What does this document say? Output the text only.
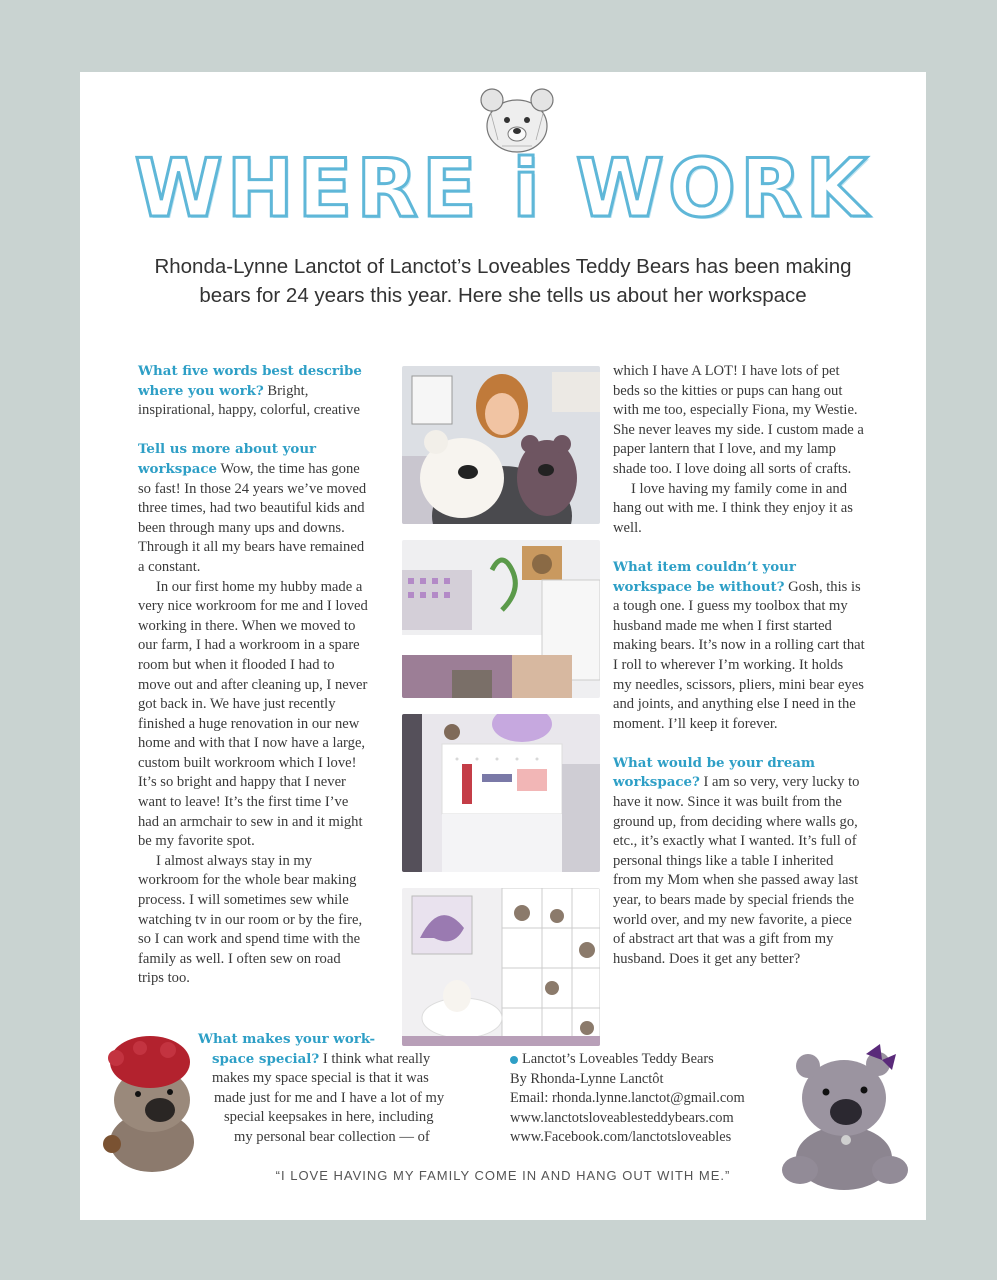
WHERE i WORK
Rhonda-Lynne Lanctot of Lanctot’s Loveables Teddy Bears has been making
bears for 24 years this year. Here she tells us about her workspace

What five words best describe where you work? Bright, inspirational, happy, colorful, creative

Tell us more about your workspace Wow, the time has gone so fast! In those 24 years we’ve moved three times, had two beautiful kids and been through many ups and downs. Through it all my bears have remained a constant.

In our first home my hubby made a very nice workroom for me and I loved working in there. When we moved to our farm, I had a workroom in a spare room but when it flooded I had to move out and after cleaning up, I never got back in. We have just recently finished a huge renovation in our new home and with that I now have a large, custom built workroom which I love! It’s so bright and happy that I never want to leave! It’s the first time I’ve had an armchair to sew in and it might be my favorite spot.

I almost always stay in my workroom for the whole bear making process. I will sometimes sew while watching tv in our room or by the fire, so I can work and spend time with the family as well. I often sew on road trips too.

which I have A LOT! I have lots of pet beds so the kitties or pups can hang out with me too, especially Fiona, my Westie. She never leaves my side. I custom made a paper lantern that I love, and my lamp shade too. I love doing all sorts of crafts.

I love having my family come in and hang out with me. I think they enjoy it as well.

What item couldn’t your workspace be without? Gosh, this is a tough one. I guess my toolbox that my husband made me when I first started making bears. It’s now in a rolling cart that I roll to wherever I’m working. It holds my needles, scissors, pliers, mini bear eyes and joints, and anything else I need in the moment. I’ll keep it forever.

What would be your dream workspace? I am so very, very lucky to have it now. Since it was built from the ground up, from deciding where walls go, etc., it’s exactly what I wanted. It’s full of personal things like a table I inherited from my Mom when she passed away last year, to bears made by special friends the world over, and my new favorite, a piece of abstract art that was a gift from my husband. Does it get any better?

What makes your work-
space special? I think what really
makes my space special is that it was
made just for me and I have a lot of my
special keepsakes in here, including
my personal bear collection — of
Lanctot’s Loveables Teddy Bears
By Rhonda-Lynne Lanctôt
Email: rhonda.lynne.lanctot@gmail.com
www.lanctotsloveablesteddybears.com
www.Facebook.com/lanctotsloveables
“I LOVE HAVING MY FAMILY COME IN AND HANG OUT WITH ME.”
